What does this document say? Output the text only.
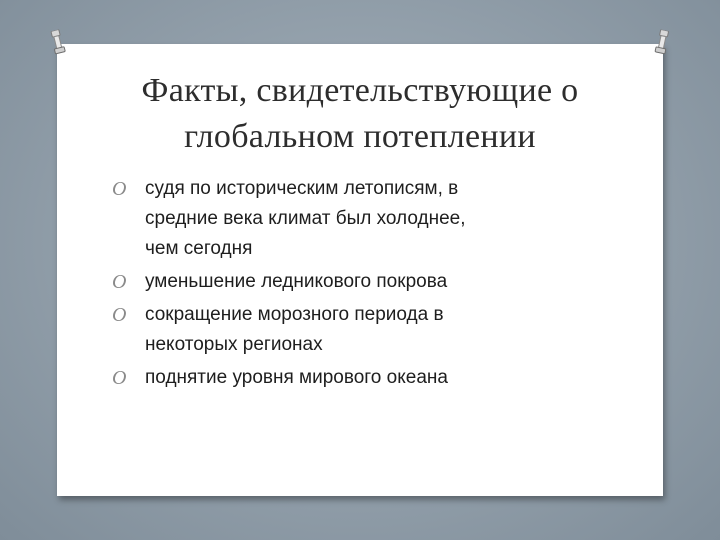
Факты, свидетельствующие о
глобальном потеплении
O судя по историческим летописям, в
средние века климат был холоднее,
чем сегодня
O уменьшение ледникового покрова
O сокращение морозного периода в
некоторых регионах
O поднятие уровня мирового океана
